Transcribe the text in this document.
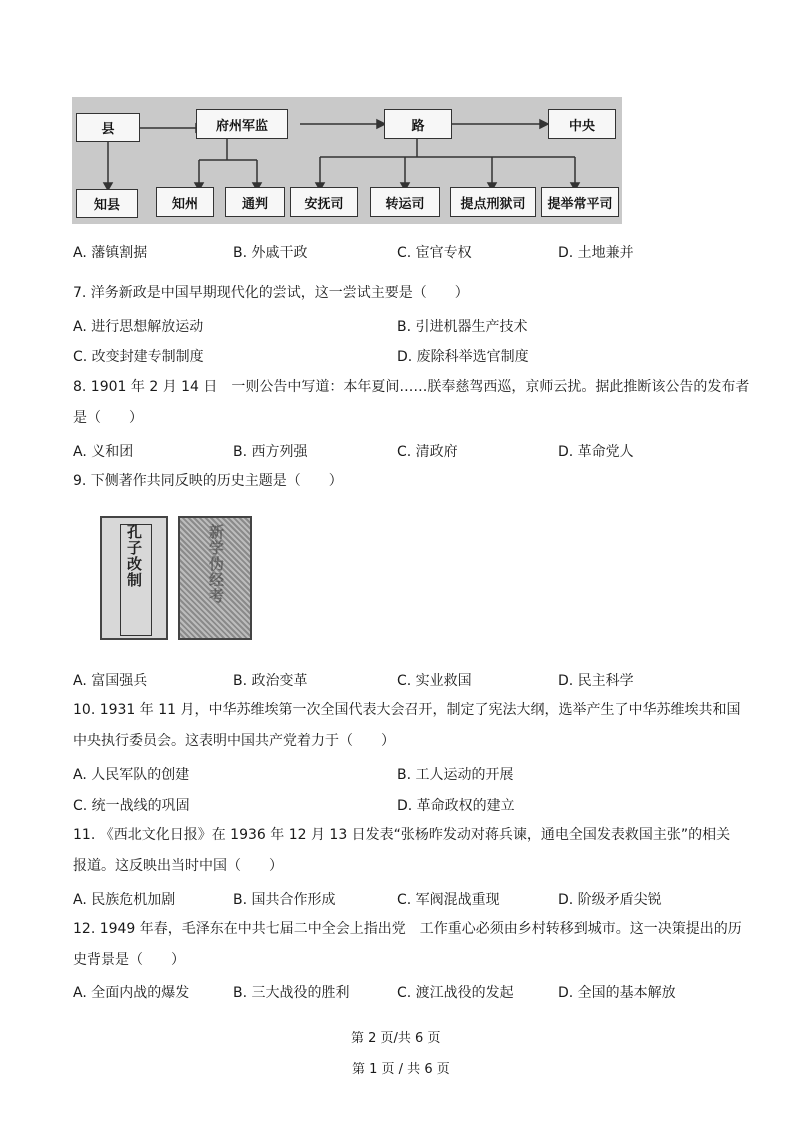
县	府州军监	路	中央
知县	知州	通判	安抚司	转运司	提点刑狱司 提举常平司
A. 藩镇割据	B. 外戚干政	C. 宦官专权	D. 土地兼并
7. 洋务新政是中国早期现代化的尝试，这一尝试主要是（　　）
A. 进行思想解放运动	B. 引进机器生产技术
C. 改变封建专制制度	D. 废除科举选官制度
8. 1901 年 2 月 14 日　一则公告中写道：本年夏间……朕奉慈驾西巡，京师云扰。据此推断该公告的发布者
是（　　）
A. 义和团	B. 西方列强	C. 清政府	D. 革命党人
9. 下侧著作共同反映的历史主题是（　　）
孔子改制	新学伪经考
A. 富国强兵	B. 政治变革	C. 实业救国	D. 民主科学
10. 1931 年 11 月，中华苏维埃第一次全国代表大会召开，制定了宪法大纲，选举产生了中华苏维埃共和国
中央执行委员会。这表明中国共产党着力于（　　）
A. 人民军队的创建	B. 工人运动的开展
C. 统一战线的巩固	D. 革命政权的建立
11. 《西北文化日报》在 1936 年 12 月 13 日发表“张杨昨发动对蒋兵谏，通电全国发表救国主张”的相关
报道。这反映出当时中国（　　）
A. 民族危机加剧	B. 国共合作形成	C. 军阀混战重现	D. 阶级矛盾尖锐
12. 1949 年春，毛泽东在中共七届二中全会上指出党　工作重心必须由乡村转移到城市。这一决策提出的历
史背景是（　　）
A. 全面内战的爆发	B. 三大战役的胜利	C. 渡江战役的发起	D. 全国的基本解放
第 2 页/共 6 页
第 1 页 / 共 6 页
